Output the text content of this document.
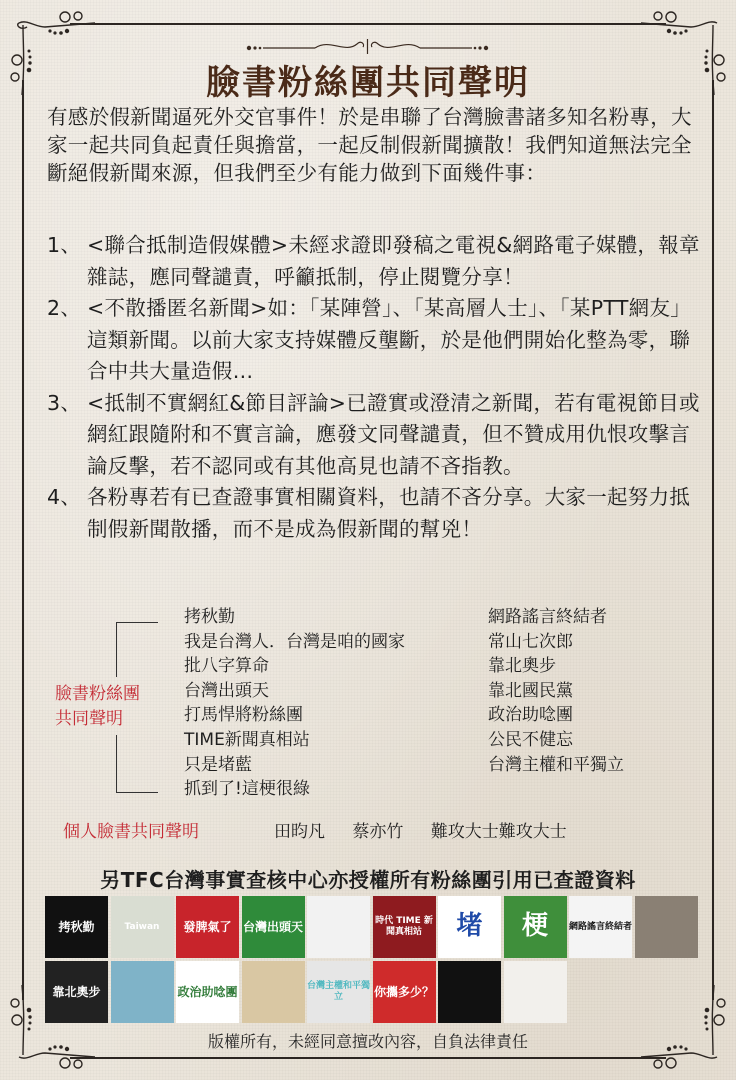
臉書粉絲團共同聲明
有感於假新聞逼死外交官事件！於是串聯了台灣臉書諸多知名粉專，大家一起共同負起責任與擔當，一起反制假新聞擴散！我們知道無法完全斷絕假新聞來源，但我們至少有能力做到下面幾件事：
1、 <聯合抵制造假媒體>未經求證即發稿之電視&網路電子媒體，報章雜誌，應同聲譴責，呼籲抵制，停止閱覽分享！
2、 <不散播匿名新聞>如：「某陣營」、「某高層人士」、「某PTT網友」這類新聞。以前大家支持媒體反壟斷，於是他們開始化整為零，聯合中共大量造假…
3、 <抵制不實網紅&節目評論>已證實或澄清之新聞，若有電視節目或網紅跟隨附和不實言論，應發文同聲譴責，但不贊成用仇恨攻擊言論反擊，若不認同或有其他高見也請不吝指教。
4、 各粉專若有已查證事實相關資料，也請不吝分享。大家一起努力抵制假新聞散播，而不是成為假新聞的幫兇！
臉書粉絲團
共同聲明
拷秋勤
我是台灣人．台灣是咱的國家
批八字算命
台灣出頭天
打馬悍將粉絲團
TIME新聞真相站
只是堵藍
抓到了!這梗很綠
網路謠言終結者
常山七次郎
靠北奧步
靠北國民黨
政治助唸團
公民不健忘
台灣主權和平獨立
個人臉書共同聲明	田昀凡 蔡亦竹 難攻大士難攻大士
另TFC台灣事實查核中心亦授權所有粉絲團引用已查證資料
拷秋勤	Taiwan	發脾氣了 台灣出頭天	時代 TIME 新聞真相站	堵	梗	網路謠言終結者
靠北奧步	政治助唸團	台灣主權和平獨立	你攜多少？
版權所有，未經同意擅改內容，自負法律責任
